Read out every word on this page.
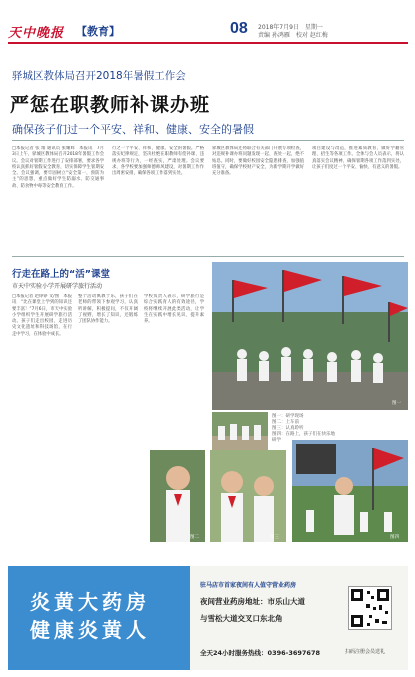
天中晚报 【教育】	08 2018年7月9日　星期一
责编 孙鸿雁　校对 赵红梅
驿城区教体局召开2018年暑假工作会
严惩在职教师补课办班
确保孩子们过一个平安、祥和、健康、安全的暑假
□本报记者 张 灿 通讯员 张耀辉　本报讯　7月3日上午，驿城区教体局召开2018年暑假工作会议。会议对暑期工作进行了安排部署，要求各学校认真抓好暑假安全教育，切实保障学生暑期安全。会议强调，要牢固树立“安全第一，预防为主”的思想，重点做好学生防溺水、防交通事故、防食物中毒等安全教育工作。
行之一个平安、祥和、健康、安全的暑假。严格落实纪律规定，坚决杜绝在职教师有偿补课、违规办班等行为，一经查实，严肃处理。会议要求，各学校要加强师德师风建设，对暑期工作作出周密安排，确保各项工作落到实处。
驿城区教体局还将联合有关部门开展专项检查，对违规补课办班问题发现一起、查处一起，绝不姑息。同时，要做好校园安全隐患排查，加强值班值守，确保学校财产安全，为新学期开学做好充分准备。
项目建设与改造，推进素质教育，做好学籍管理、招生等各项工作。全体与会人员表示，将认真落实会议精神，确保暑期各项工作落到实处，让孩子们度过一个平安、愉快、有意义的暑假。
行走在路上的“活”课堂
市天中实验小学开展研学旅行活动
□本报记者 赵铮铮 文/图　本报讯　“比在课堂上学到的知识还要丰富！”7月6日，市天中实验小学组织学生开展研学旅行活动。孩子们走出校园，走进历史文化遗址和科技场馆，在行走中学习，在体验中成长。
整个活动寓教于乐，孩子们在老师的带领下参观学习，认真听讲解，积极提问，不仅开阔了视野，增长了知识，还锻炼了团队协作能力。
学校负责人表示，研学旅行是综合实践育人的有效途径，学校将继续开展此类活动，让学生在实践中增长见识、提升素养。
图一
图一：研学现场
图二：上车前
图三：认真聆听
图四：在路上，孩子们在快乐地研学
图二	图三	图四
炎黄大药房
健康炎黄人
驻马店市首家夜间有人值守营业药房
夜间营业药房地址：市乐山大道
与雪松大道交叉口东北角
全天24小时服务热线：0396-3697678	扫码注册会员送礼
